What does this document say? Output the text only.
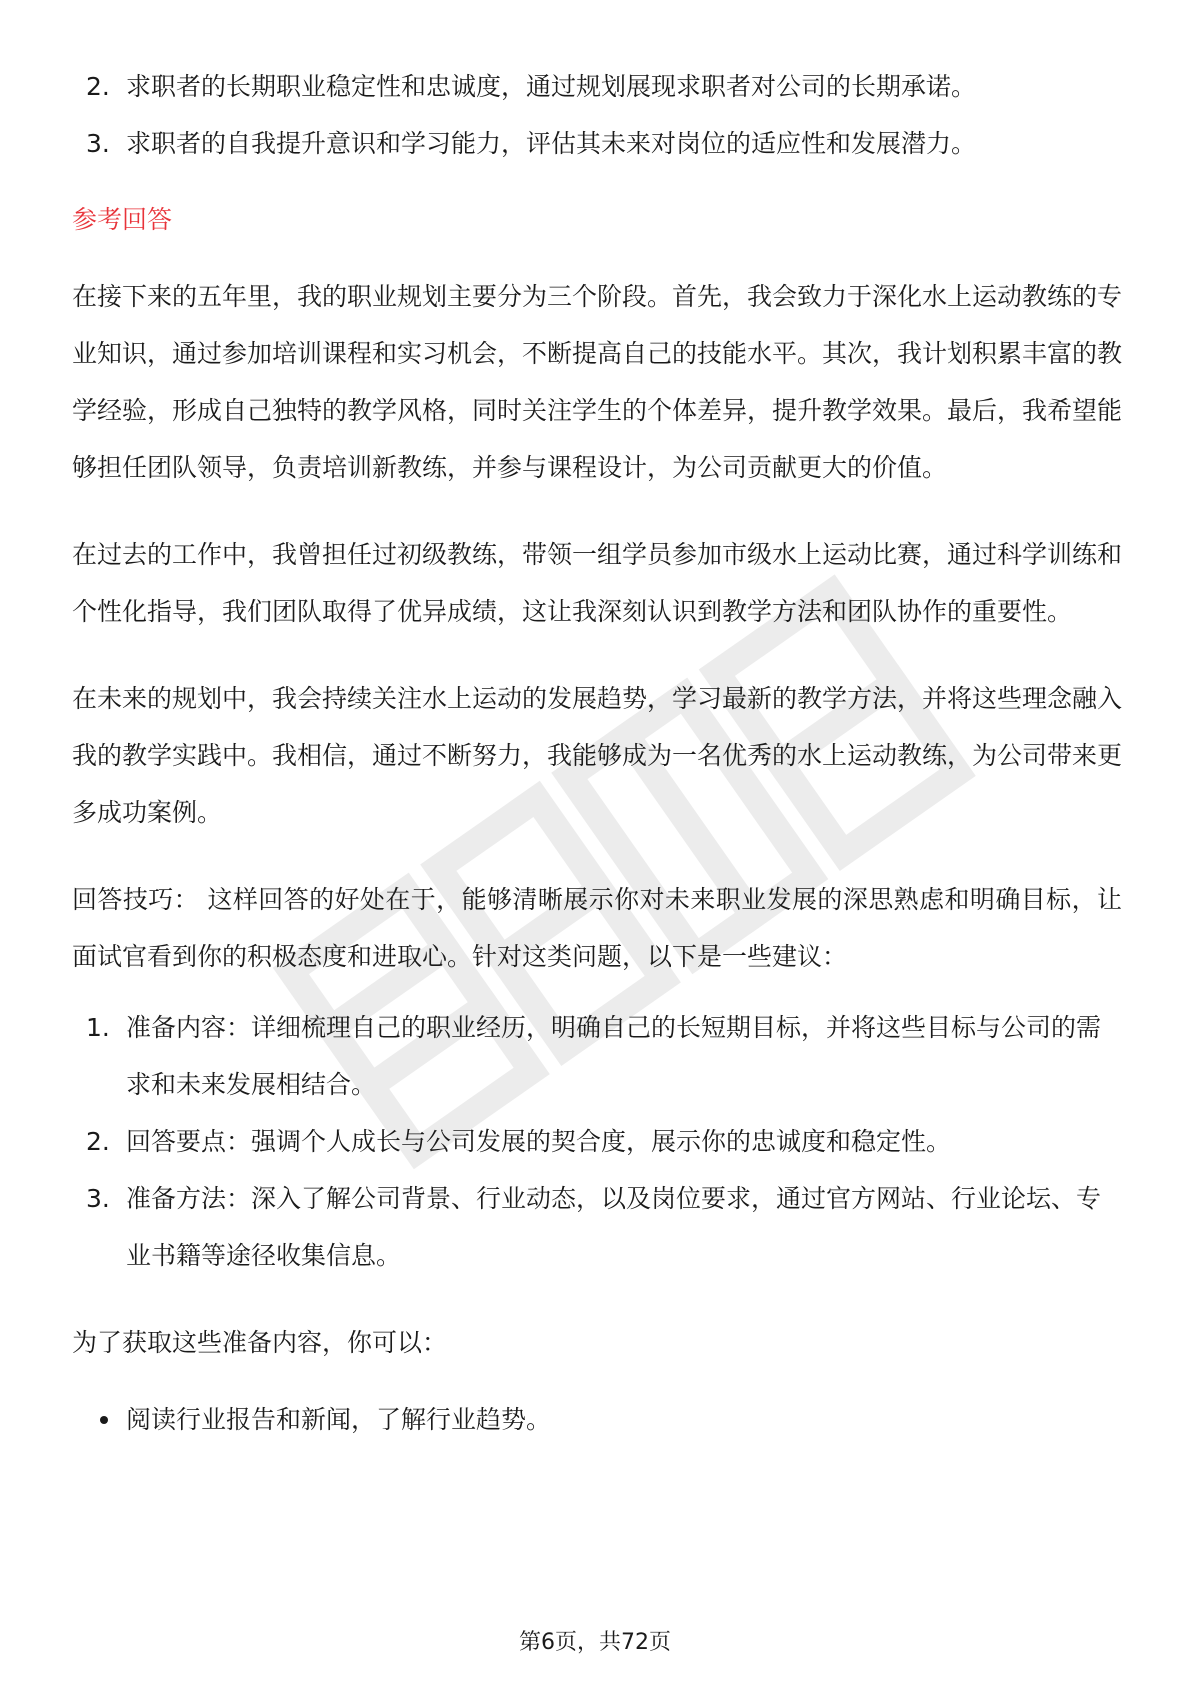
2. 求职者的长期职业稳定性和忠诚度，通过规划展现求职者对公司的长期承诺。
3. 求职者的自我提升意识和学习能力，评估其未来对岗位的适应性和发展潜力。
参考回答

在接下来的五年里，我的职业规划主要分为三个阶段。首先，我会致力于深化水上运动教练的专业知识，通过参加培训课程和实习机会，不断提高自己的技能水平。其次，我计划积累丰富的教学经验，形成自己独特的教学风格，同时关注学生的个体差异，提升教学效果。最后，我希望能够担任团队领导，负责培训新教练，并参与课程设计，为公司贡献更大的价值。

在过去的工作中，我曾担任过初级教练，带领一组学员参加市级水上运动比赛，通过科学训练和个性化指导，我们团队取得了优异成绩，这让我深刻认识到教学方法和团队协作的重要性。

在未来的规划中，我会持续关注水上运动的发展趋势，学习最新的教学方法，并将这些理念融入我的教学实践中。我相信，通过不断努力，我能够成为一名优秀的水上运动教练，为公司带来更多成功案例。

回答技巧： 这样回答的好处在于，能够清晰展示你对未来职业发展的深思熟虑和明确目标，让面试官看到你的积极态度和进取心。针对这类问题，以下是一些建议：

1. 准备内容：详细梳理自己的职业经历，明确自己的长短期目标，并将这些目标与公司的需求和未来发展相结合。
2. 回答要点：强调个人成长与公司发展的契合度，展示你的忠诚度和稳定性。
3. 准备方法：深入了解公司背景、行业动态，以及岗位要求，通过官方网站、行业论坛、专业书籍等途径收集信息。

为了获取这些准备内容，你可以：

阅读行业报告和新闻，了解行业趋势。
第6页，共72页
